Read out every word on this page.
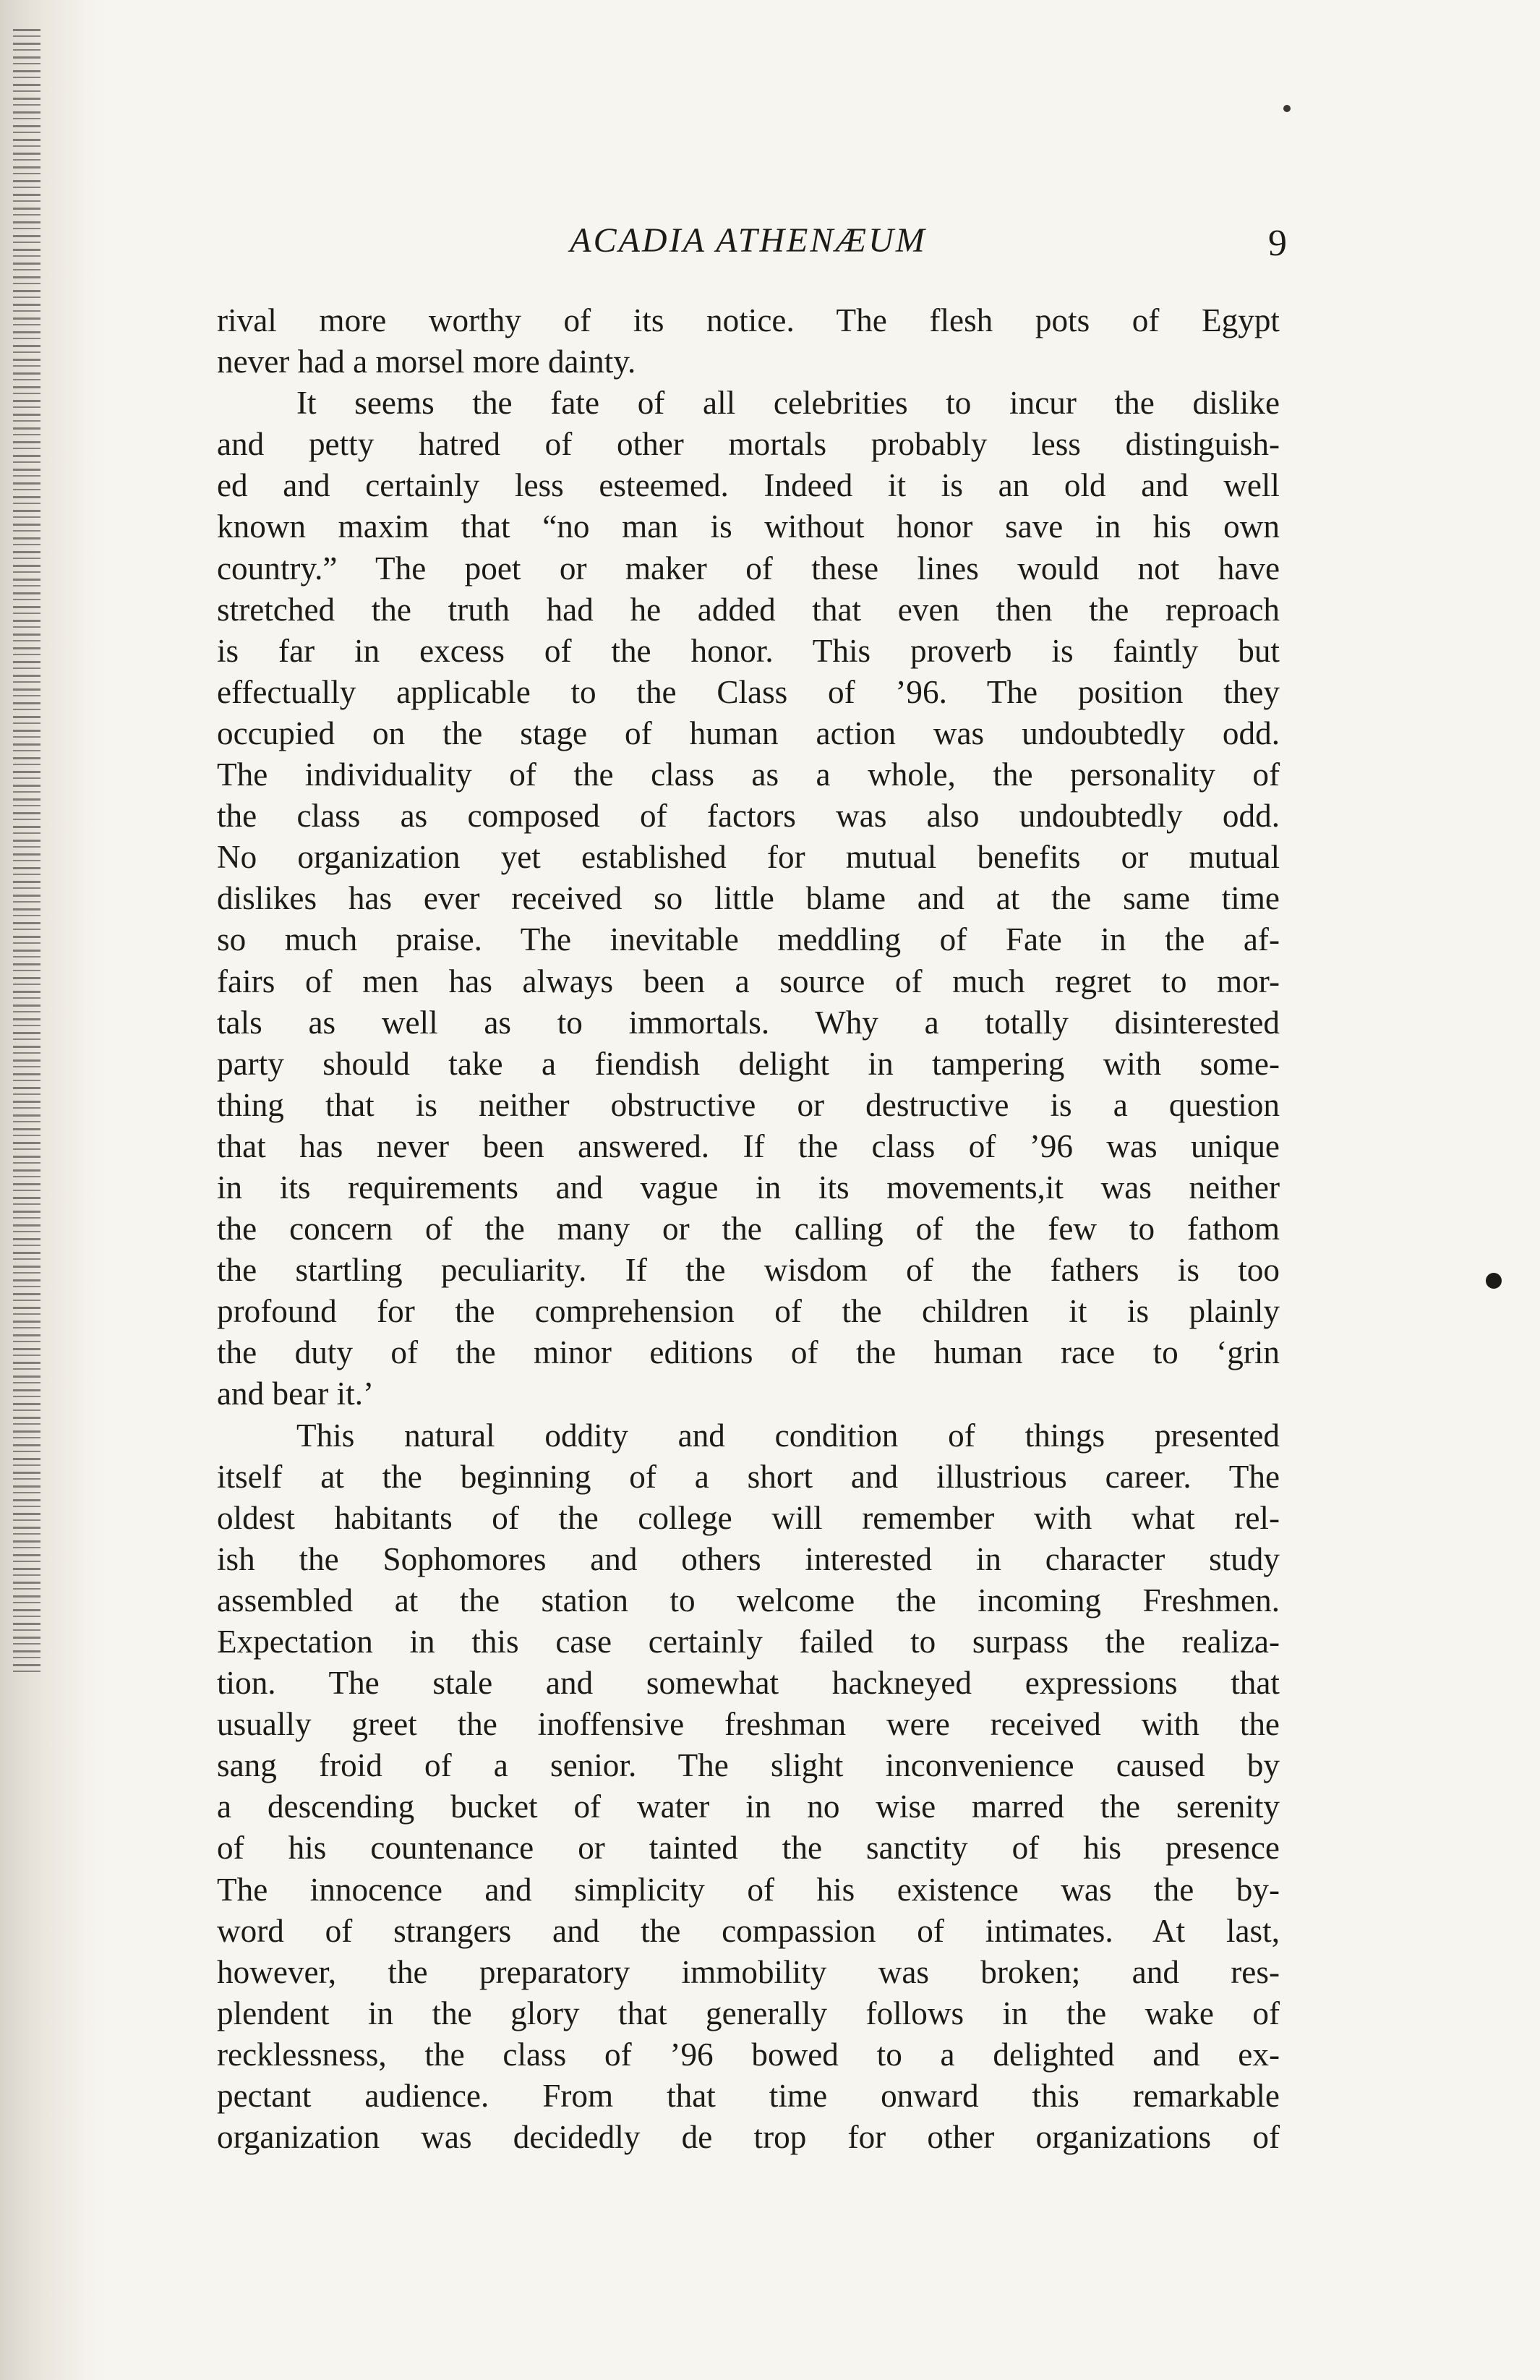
ACADIA ATHENÆUM	9
rival more worthy of its notice. The flesh pots of Egypt
never had a morsel more dainty.
It seems the fate of all celebrities to incur the dislike
and petty hatred of other mortals probably less distinguish-
ed and certainly less esteemed. Indeed it is an old and well
known maxim that “no man is without honor save in his own
country.” The poet or maker of these lines would not have
stretched the truth had he added that even then the reproach
is far in excess of the honor. This proverb is faintly but
effectually applicable to the Class of ’96. The position they
occupied on the stage of human action was undoubtedly odd.
The individuality of the class as a whole, the personality of
the class as composed of factors was also undoubtedly odd.
No organization yet established for mutual benefits or mutual
dislikes has ever received so little blame and at the same time
so much praise. The inevitable meddling of Fate in the af-
fairs of men has always been a source of much regret to mor-
tals as well as to immortals. Why a totally disinterested
party should take a fiendish delight in tampering with some-
thing that is neither obstructive or destructive is a question
that has never been answered. If the class of ’96 was unique
in its requirements and vague in its movements,it was neither
the concern of the many or the calling of the few to fathom
the startling peculiarity. If the wisdom of the fathers is too
profound for the comprehension of the children it is plainly
the duty of the minor editions of the human race to ‘grin
and bear it.’
This natural oddity and condition of things presented
itself at the beginning of a short and illustrious career. The
oldest habitants of the college will remember with what rel-
ish the Sophomores and others interested in character study
assembled at the station to welcome the incoming Freshmen.
Expectation in this case certainly failed to surpass the realiza-
tion. The stale and somewhat hackneyed expressions that
usually greet the inoffensive freshman were received with the
sang froid of a senior. The slight inconvenience caused by
a descending bucket of water in no wise marred the serenity
of his countenance or tainted the sanctity of his presence
The innocence and simplicity of his existence was the by-
word of strangers and the compassion of intimates. At last,
however, the preparatory immobility was broken; and res-
plendent in the glory that generally follows in the wake of
recklessness, the class of ’96 bowed to a delighted and ex-
pectant audience. From that time onward this remarkable
organization was decidedly de trop for other organizations of
